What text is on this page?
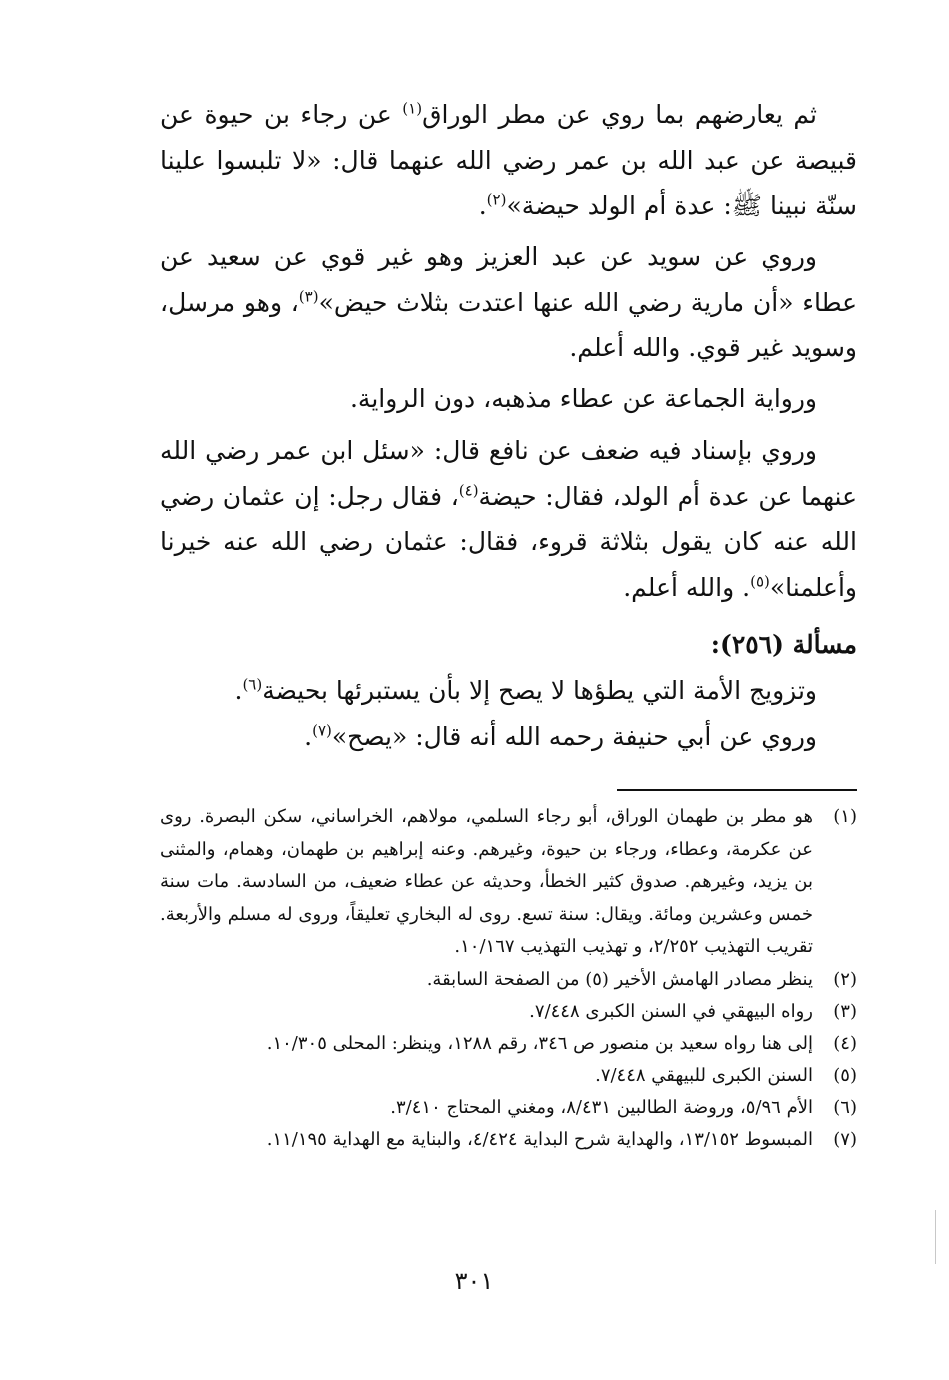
ثم يعارضهم بما روي عن مطر الوراق$^{(١)}$ عن رجاء بن حيوة عن قبيصة عن عبد الله بن عمر رضي الله عنهما قال: «لا تلبسوا علينا سنّة نبينا ﷺ: عدة أم الولد حيضة»$^{(٢)}$.

وروي عن سويد عن عبد العزيز وهو غير قوي عن سعيد عن عطاء «أن مارية رضي الله عنها اعتدت بثلاث حيض»$^{(٣)}$، وهو مرسل، وسويد غير قوي. والله أعلم.

ورواية الجماعة عن عطاء مذهبه، دون الرواية.

وروي بإسناد فيه ضعف عن نافع قال: «سئل ابن عمر رضي الله عنهما عن عدة أم الولد، فقال: حيضة$^{(٤)}$، فقال رجل: إن عثمان رضي الله عنه كان يقول بثلاثة قروء، فقال: عثمان رضي الله عنه خيرنا وأعلمنا»$^{(٥)}$. والله أعلم.

مسألة (٢٥٦):

وتزويج الأمة التي يطؤها لا يصح إلا بأن يستبرئها بحيضة$^{(٦)}$.

وروي عن أبي حنيفة رحمه الله أنه قال: «يصح»$^{(٧)}$.

(١)
هو مطر بن طهمان الوراق، أبو رجاء السلمي، مولاهم، الخراساني، سكن البصرة. روى عن عكرمة، وعطاء، ورجاء بن حيوة، وغيرهم. وعنه إبراهيم بن طهمان، وهمام، والمثنى بن يزيد، وغيرهم. صدوق كثير الخطأ، وحديثه عن عطاء ضعيف، من السادسة. مات سنة خمس وعشرين ومائة. ويقال: سنة تسع. روى له البخاري تعليقاً، وروى له مسلم والأربعة. تقريب التهذيب ٢/٢٥٢، و تهذيب التهذيب ١٠/١٦٧.
(٢)
ينظر مصادر الهامش الأخير (٥) من الصفحة السابقة.
(٣)
رواه البيهقي في السنن الكبرى ٧/٤٤٨.
(٤)
إلى هنا رواه سعيد بن منصور ص ٣٤٦، رقم ١٢٨٨، وينظر: المحلى ١٠/٣٠٥.
(٥)
السنن الكبرى للبيهقي ٧/٤٤٨.
(٦)
الأم ٥/٩٦، وروضة الطالبين ٨/٤٣١، ومغني المحتاج ٣/٤١٠.
(٧)
المبسوط ١٣/١٥٢، والهداية شرح البداية ٤/٤٢٤، والبناية مع الهداية ١١/١٩٥.
٣٠١
